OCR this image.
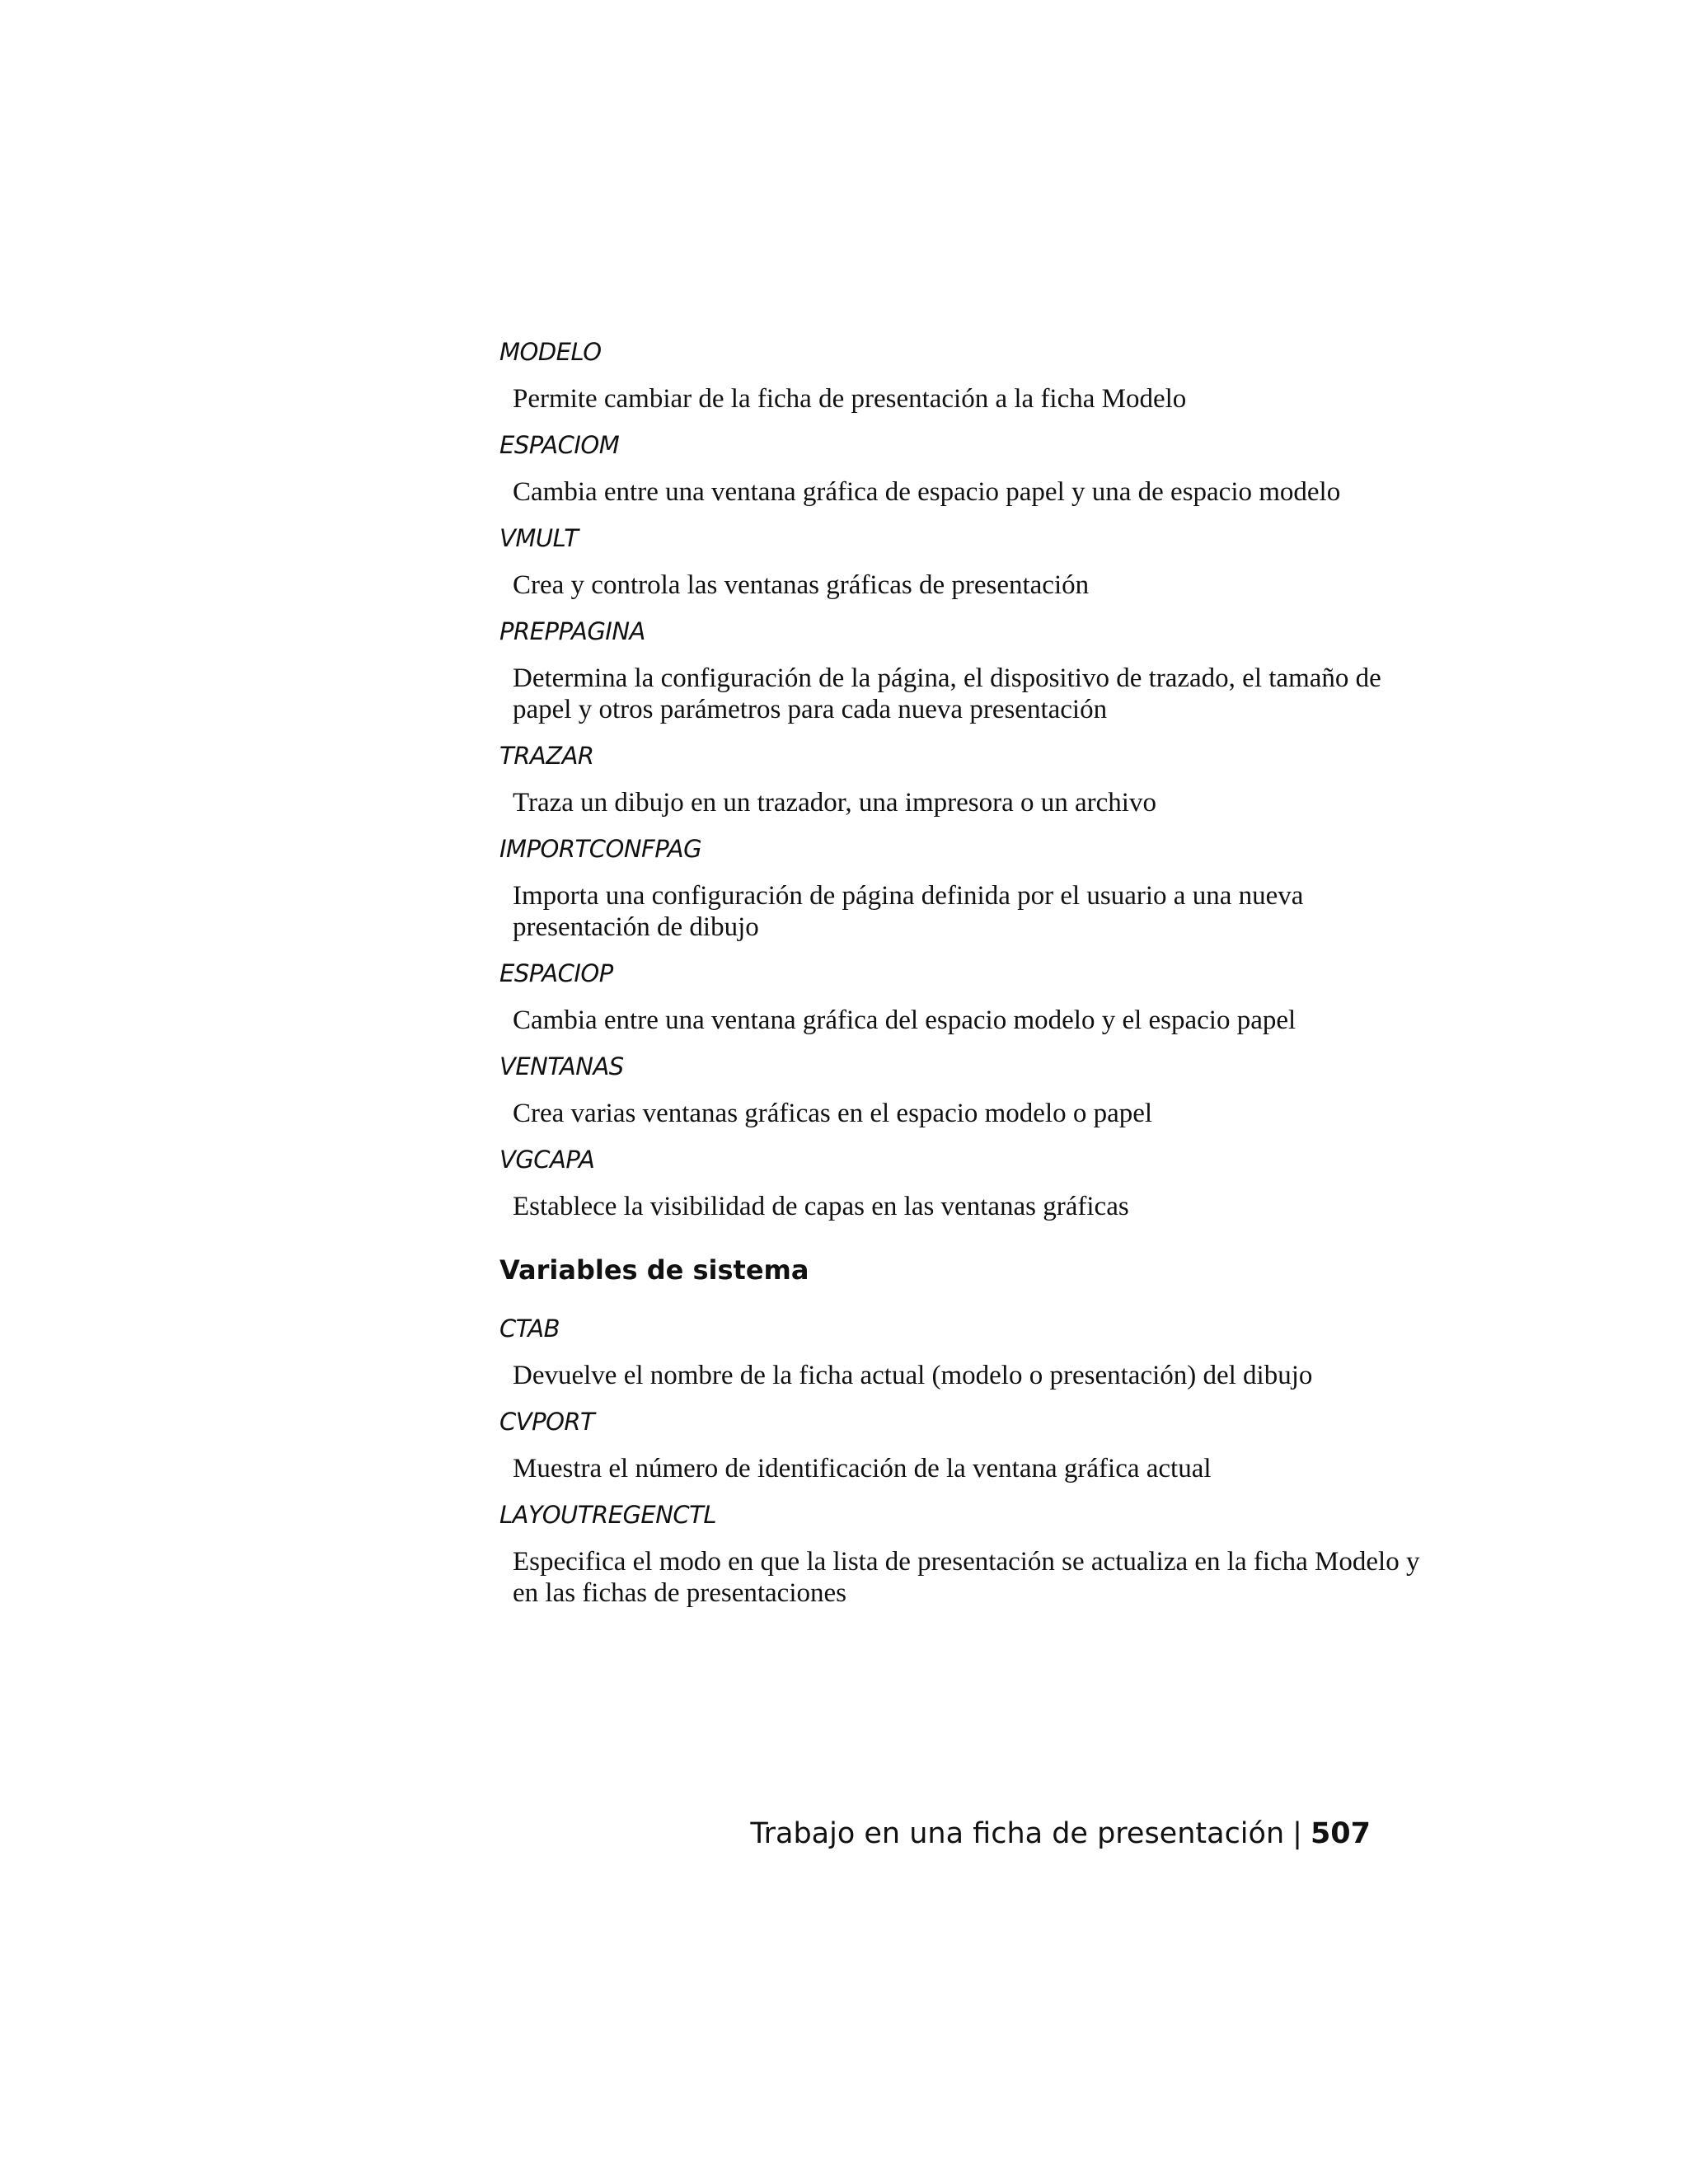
MODELO
Permite cambiar de la ficha de presentación a la ficha Modelo
ESPACIOM
Cambia entre una ventana gráfica de espacio papel y una de espacio modelo
VMULT
Crea y controla las ventanas gráficas de presentación
PREPPAGINA
Determina la configuración de la página, el dispositivo de trazado, el tamaño de papel y otros parámetros para cada nueva presentación
TRAZAR
Traza un dibujo en un trazador, una impresora o un archivo
IMPORTCONFPAG
Importa una configuración de página definida por el usuario a una nueva presentación de dibujo
ESPACIOP
Cambia entre una ventana gráfica del espacio modelo y el espacio papel
VENTANAS
Crea varias ventanas gráficas en el espacio modelo o papel
VGCAPA
Establece la visibilidad de capas en las ventanas gráficas
Variables de sistema
CTAB
Devuelve el nombre de la ficha actual (modelo o presentación) del dibujo
CVPORT
Muestra el número de identificación de la ventana gráfica actual
LAYOUTREGENCTL
Especifica el modo en que la lista de presentación se actualiza en la ficha Modelo y en las fichas de presentaciones
Trabajo en una ficha de presentación | 507
